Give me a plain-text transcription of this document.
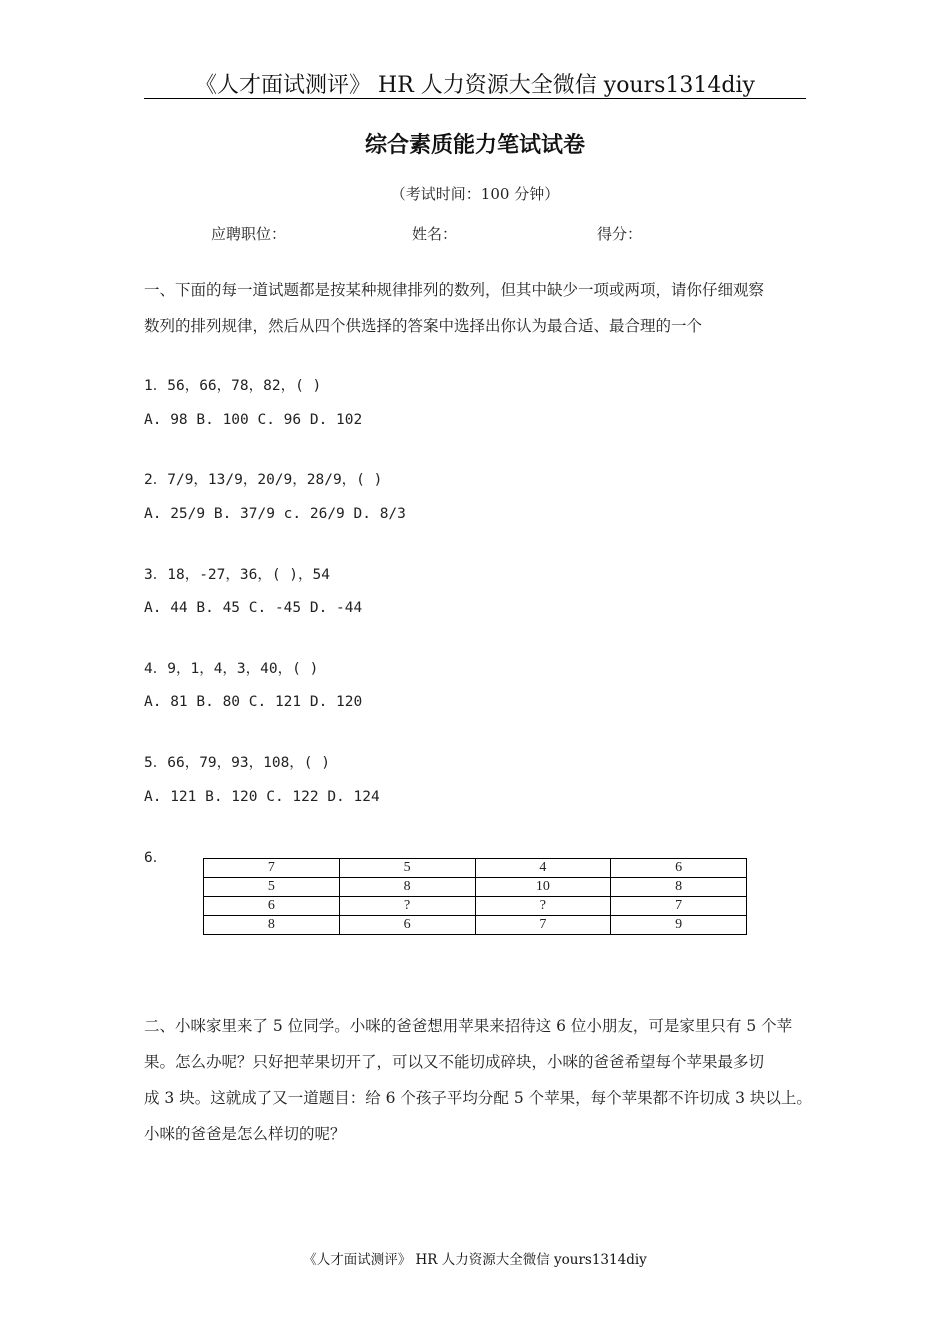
《人才面试测评》 HR 人力资源大全微信 yours1314diy
综合素质能力笔试试卷
（考试时间：100 分钟）
应聘职位：	姓名：	得分：
一、下面的每一道试题都是按某种规律排列的数列，但其中缺少一项或两项，请你仔细观察
数列的排列规律，然后从四个供选择的答案中选择出你认为最合适、最合理的一个
1．56，66，78，82，( )
A. 98 B. 100 C. 96 D. 102
2．7/9，13/9，20/9，28/9，( )
A. 25/9 B. 37/9 c. 26/9 D. 8/3
3．18，-27，36，( )，54
A. 44 B. 45 C. -45 D. -44
4．9，1，4，3，40，( )
A. 81 B. 80 C. 121 D. 120
5．66，79，93，108，( )
A. 121 B. 120 C. 122 D. 124
6．
7	5	4	6
5	8	10	8
6	?	?	7
8	6	7	9
二、小咪家里来了 5 位同学。小咪的爸爸想用苹果来招待这 6 位小朋友，可是家里只有 5 个苹
果。怎么办呢？只好把苹果切开了，可以又不能切成碎块，小咪的爸爸希望每个苹果最多切
成 3 块。这就成了又一道题目：给 6 个孩子平均分配 5 个苹果，每个苹果都不许切成 3 块以上。
小咪的爸爸是怎么样切的呢？
《人才面试测评》 HR 人力资源大全微信 yours1314diy
